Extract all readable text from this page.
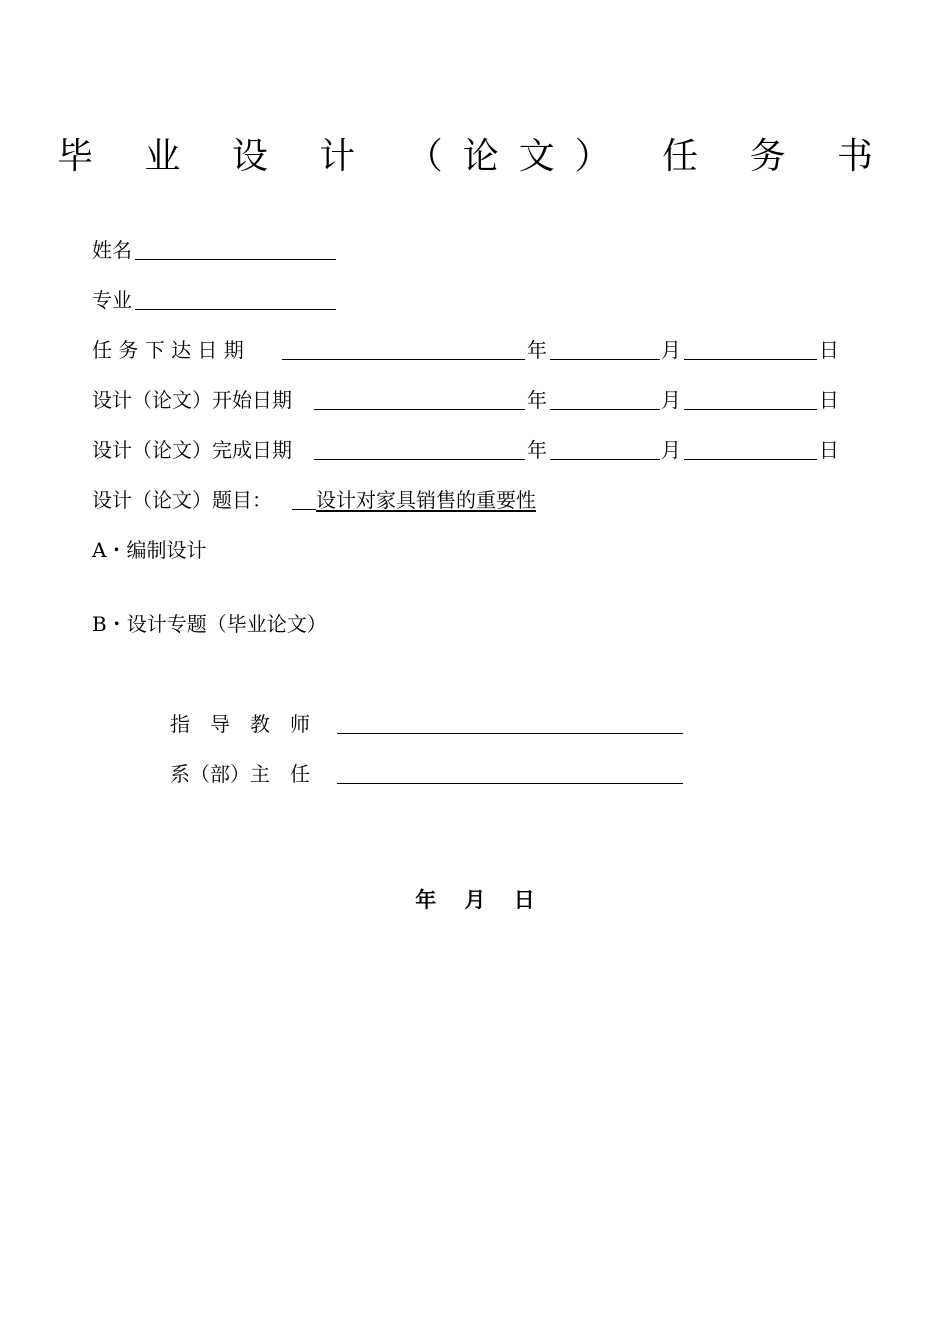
毕 业 设 计 （论文） 任 务 书
姓名
专业
任 务 下 达 日 期	年	月	日
设计（论文）开始日期	年	月	日
设计（论文）完成日期	年	月	日
设计（论文）题目： 设计对家具销售的重要性
A・编制设计
B・设计专题（毕业论文）
指　导　教　师
系（部）主　任
年　 月　 日
